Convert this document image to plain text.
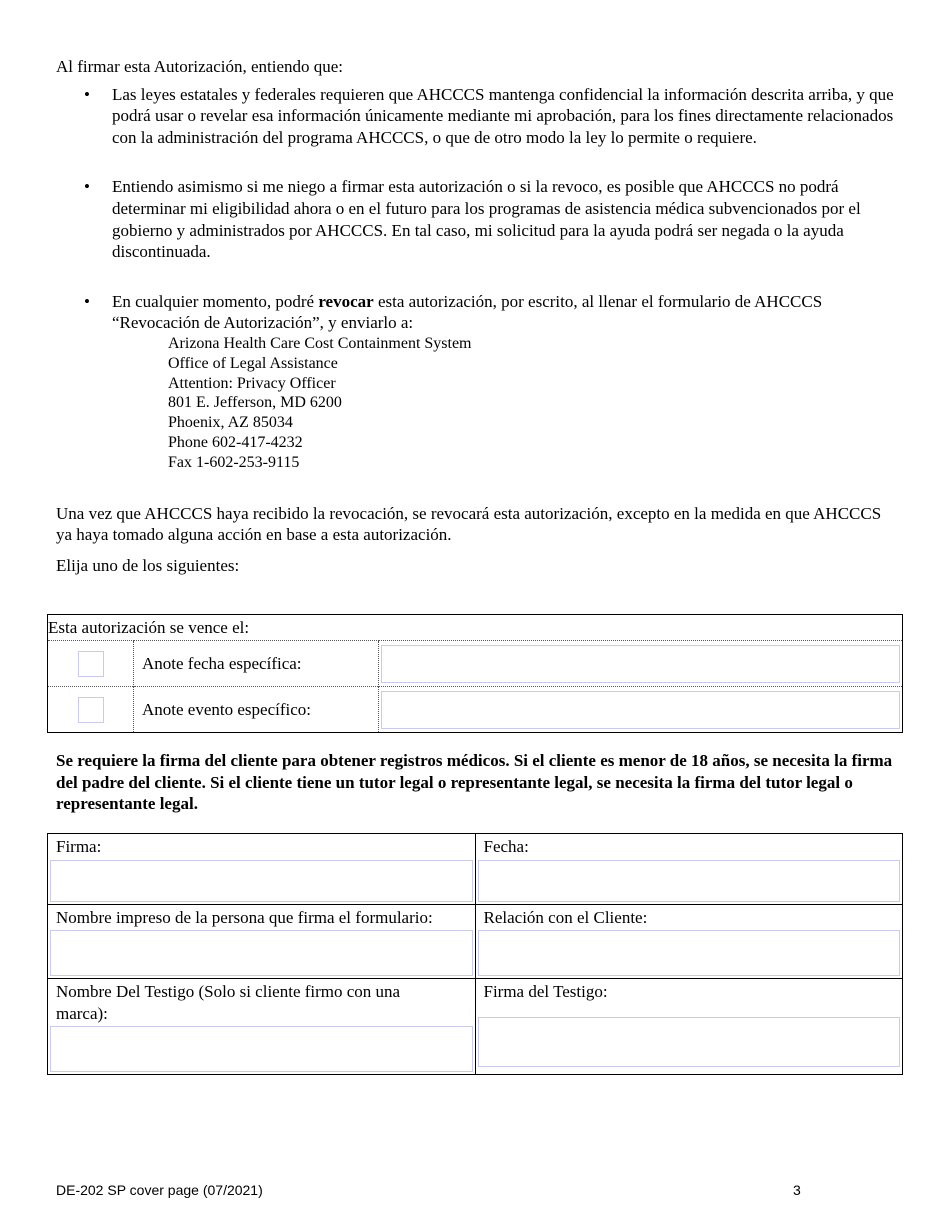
Al firmar esta Autorización, entiendo que:

• Las leyes estatales y federales requieren que AHCCCS mantenga confidencial la información descrita arriba, y que podrá usar o revelar esa información únicamente mediante mi aprobación, para los fines directamente relacionados con la administración del programa AHCCCS, o que de otro modo la ley lo permite o requiere.
• Entiendo asimismo si me niego a firmar esta autorización o si la revoco, es posible que AHCCCS no podrá determinar mi eligibilidad ahora o en el futuro para los programas de asistencia médica subvencionados por el gobierno y administrados por AHCCCS. En tal caso, mi solicitud para la ayuda podrá ser negada o la ayuda discontinuada.
• En cualquier momento, podré revocar esta autorización, por escrito, al llenar el formulario de AHCCCS “Revocación de Autorización”, y enviarlo a:
Arizona Health Care Cost Containment System
Office of Legal Assistance
Attention: Privacy Officer
801 E. Jefferson, MD 6200
Phoenix, AZ 85034
Phone 602-417-4232
Fax 1-602-253-9115

Una vez que AHCCCS haya recibido la revocación, se revocará esta autorización, excepto en la medida en que AHCCCS ya haya tomado alguna acción en base a esta autorización.

Elija uno de los siguientes:

Esta autorización se vence el:		
	Anote fecha específica:	

	Anote evento específico:	

Se requiere la firma del cliente para obtener registros médicos. Si el cliente es menor de 18 años, se necesita la firma del padre del cliente. Si el cliente tiene un tutor legal o representante legal, se necesita la firma del tutor legal o representante legal.

Firma:	Fecha:

Nombre impreso de la persona que firma el formulario:	Relación con el Cliente:

Nombre Del Testigo (Solo si cliente firmo con una marca):	Firma del Testigo:
DE-202 SP cover page (07/2021)	3
